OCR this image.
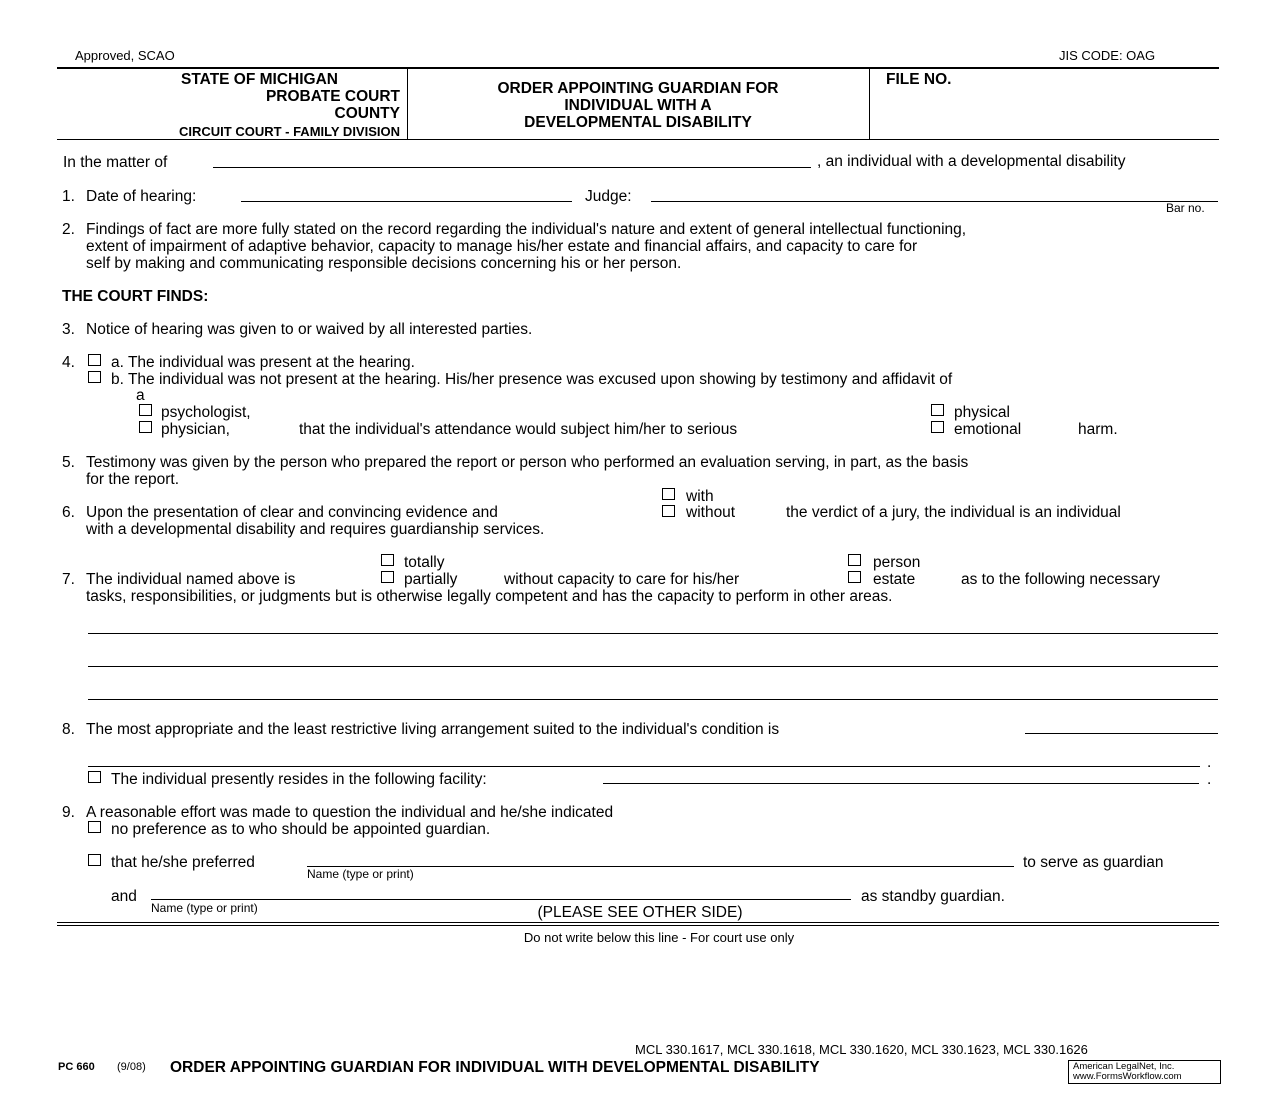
Approved, SCAO	JIS CODE: OAG
STATE OF MICHIGAN
PROBATE COURT
COUNTY
CIRCUIT COURT - FAMILY DIVISION
ORDER APPOINTING GUARDIAN FOR
INDIVIDUAL WITH A
DEVELOPMENTAL DISABILITY
FILE NO.
In the matter of	, an individual with a developmental disability
1. Date of hearing:	Judge:
Bar no.
2. Findings of fact are more fully stated on the record regarding the individual's nature and extent of general intellectual functioning,
extent of impairment of adaptive behavior, capacity to manage his/her estate and financial affairs, and capacity to care for
self by making and communicating responsible decisions concerning his or her person.
THE COURT FINDS:
3. Notice of hearing was given to or waived by all interested parties.
4. a. The individual was present at the hearing.
b. The individual was not present at the hearing. His/her presence was excused upon showing by testimony and affidavit of
a
psychologist,
physician,	that the individual's attendance would subject him/her to serious
physical
emotional	harm.
5. Testimony was given by the person who prepared the report or person who performed an evaluation serving, in part, as the basis
for the report.
with
6. Upon the presentation of clear and convincing evidence and	without	the verdict of a jury, the individual is an individual
with a developmental disability and requires guardianship services.
totally	person
7. The individual named above is	partially	without capacity to care for his/her	estate	as to the following necessary
tasks, responsibilities, or judgments but is otherwise legally competent and has the capacity to perform in other areas.
8. The most appropriate and the least restrictive living arrangement suited to the individual's condition is
.
The individual presently resides in the following facility:	.
9. A reasonable effort was made to question the individual and he/she indicated
no preference as to who should be appointed guardian.
that he/she preferred
Name (type or print)
to serve as guardian
and
Name (type or print)
as standby guardian.
(PLEASE SEE OTHER SIDE)
Do not write below this line - For court use only
MCL 330.1617, MCL 330.1618, MCL 330.1620, MCL 330.1623, MCL 330.1626
PC 660 (9/08) ORDER APPOINTING GUARDIAN FOR INDIVIDUAL WITH DEVELOPMENTAL DISABILITY	American LegalNet, Inc.
www.FormsWorkflow.com
